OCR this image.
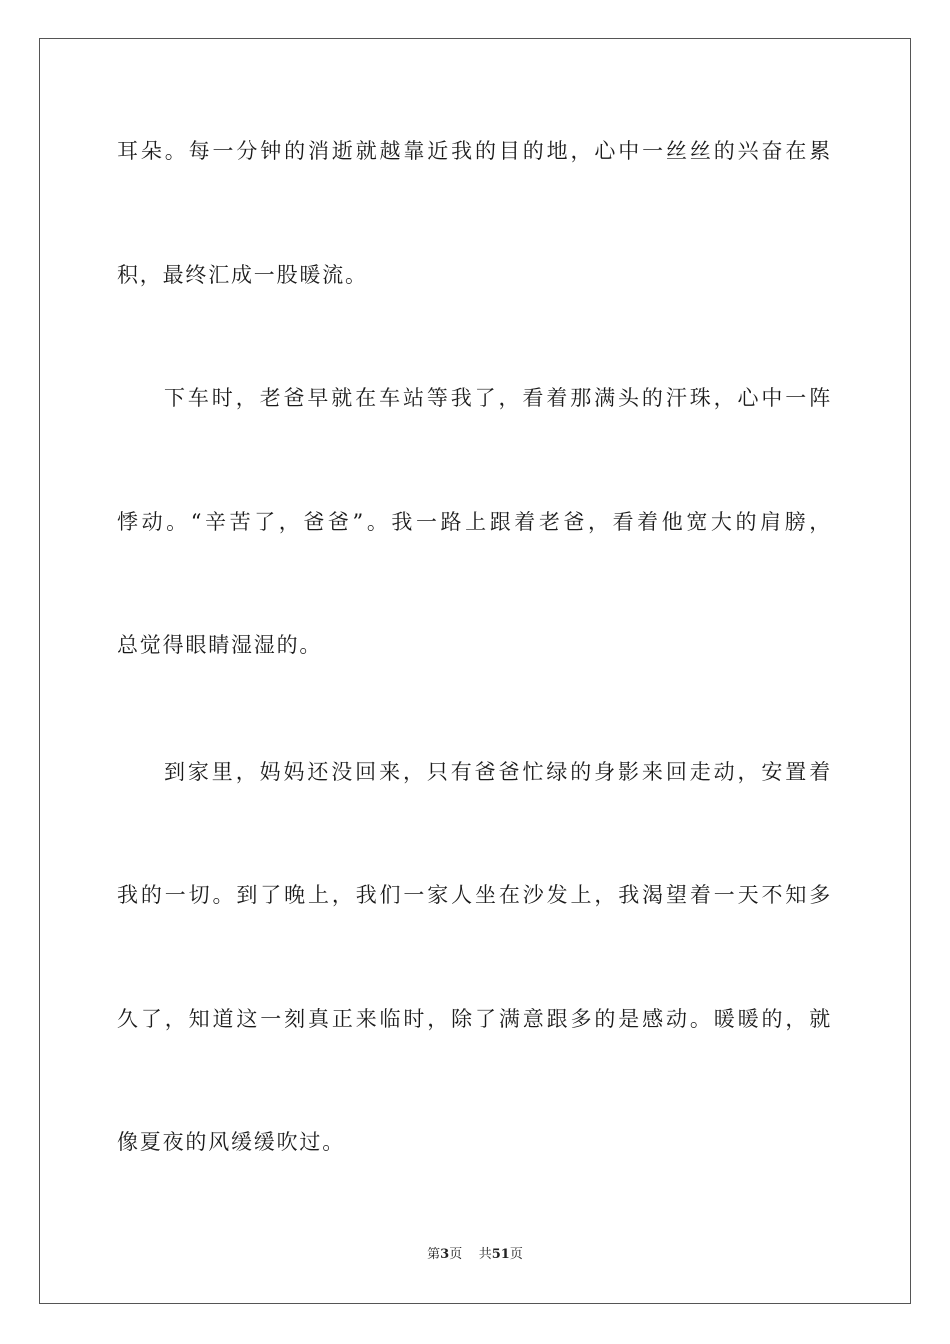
耳朵。每一分钟的消逝就越靠近我的目的地，心中一丝丝的兴奋在累
积，最终汇成一股暖流。
下车时，老爸早就在车站等我了，看着那满头的汗珠，心中一阵
悸动。“辛苦了，爸爸”。我一路上跟着老爸，看着他宽大的肩膀，
总觉得眼睛湿湿的。
到家里，妈妈还没回来，只有爸爸忙绿的身影来回走动，安置着
我的一切。到了晚上，我们一家人坐在沙发上，我渴望着一天不知多
久了，知道这一刻真正来临时，除了满意跟多的是感动。暖暖的，就
像夏夜的风缓缓吹过。
第3页 共51页
